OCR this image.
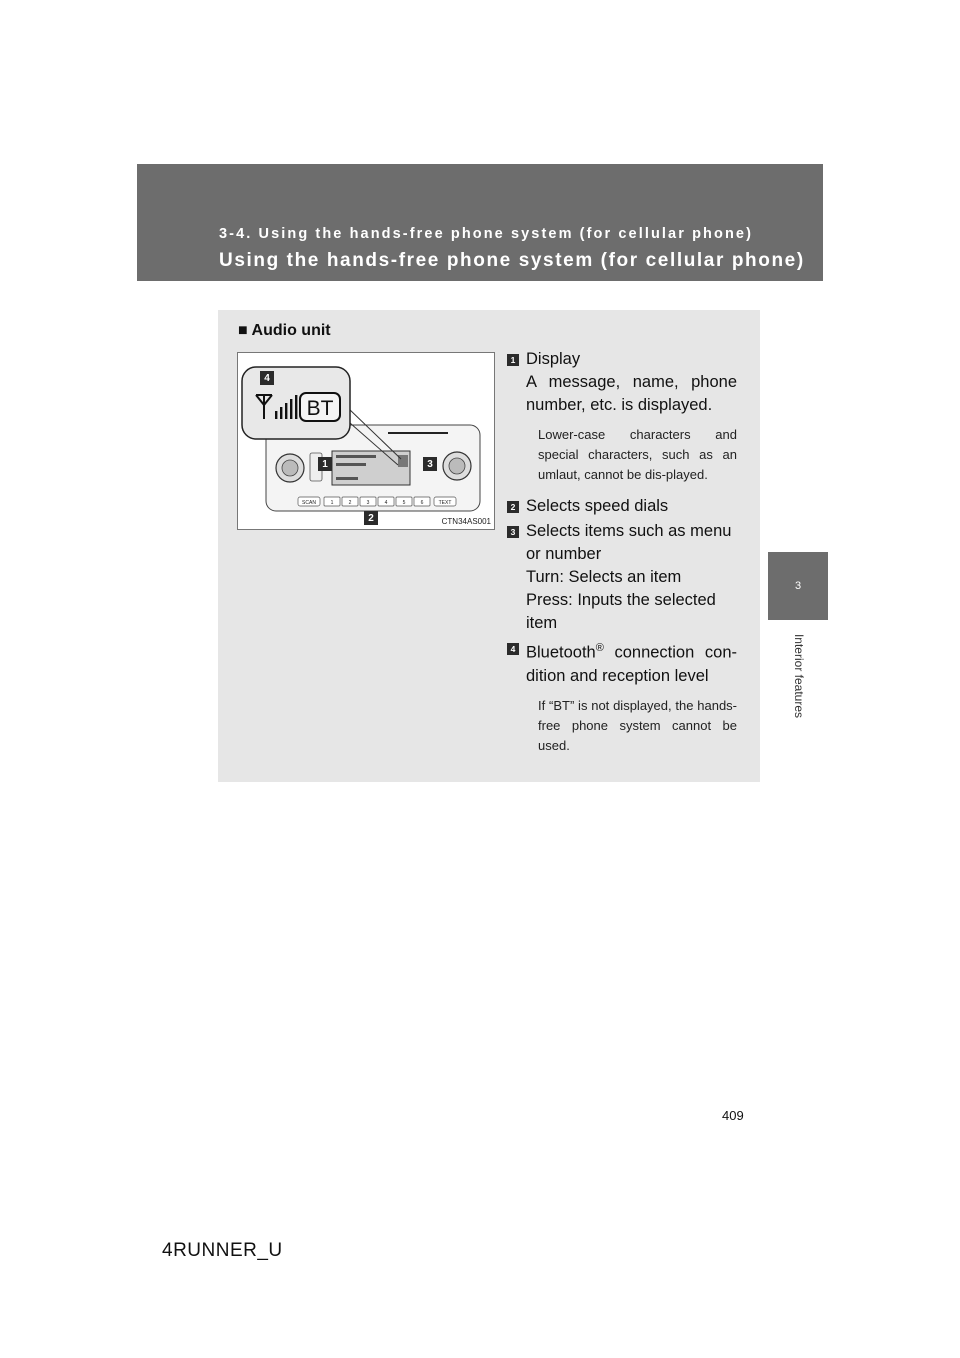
3-4. Using the hands-free phone system (for cellular phone)
Using the hands-free phone system (for cellular phone)
3
Interior features
■ Audio unit
SCAN	TEXT
1	2	3	4	5	6
BT
4
1	3
2	CTN34AS001
1 Display
A message, name, phone number, etc. is displayed.
Lower-case characters and special characters, such as an umlaut, cannot be dis-played.
2 Selects speed dials
3 Selects items such as menu or number
Turn: Selects an item
Press: Inputs the selected item
4 Bluetooth® connection con-dition and reception level
If “BT” is not displayed, the hands-free phone system cannot be used.
409
4RUNNER_U
